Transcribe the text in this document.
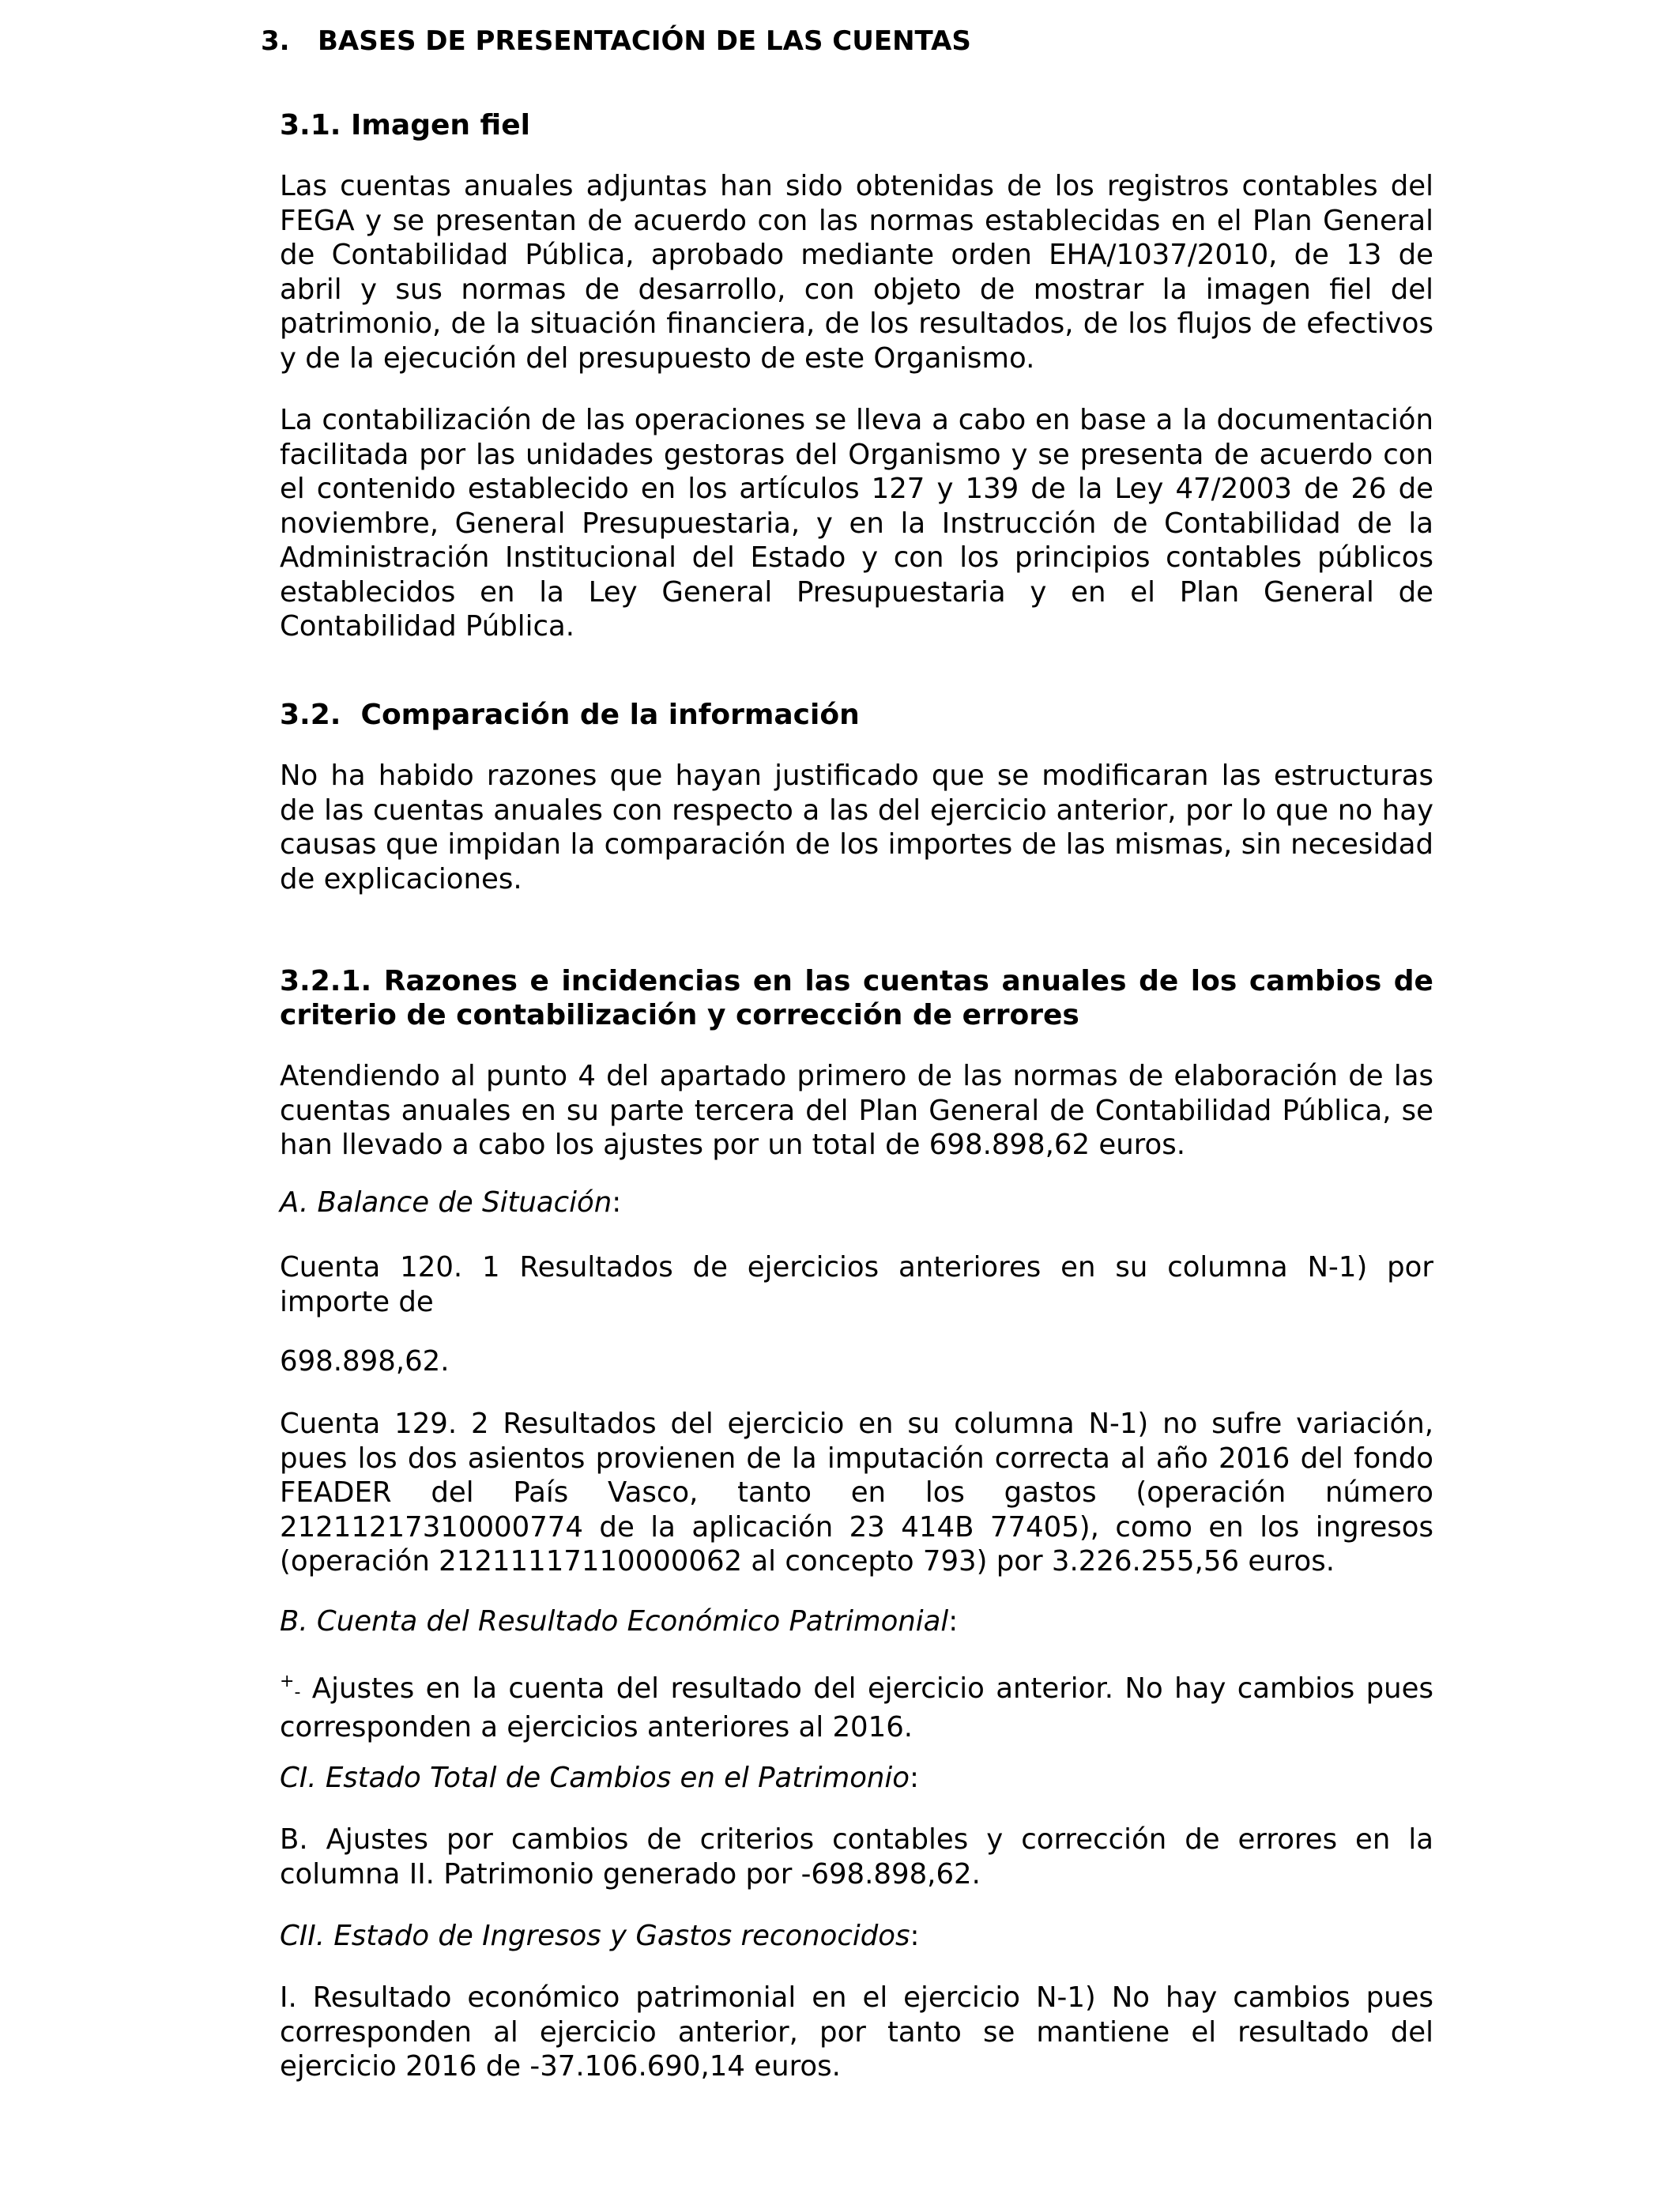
3. BASES DE PRESENTACIÓN DE LAS CUENTAS
3.1. Imagen fiel

Las cuentas anuales adjuntas han sido obtenidas de los registros contables del FEGA y se presentan de acuerdo con las normas establecidas en el Plan General de Contabilidad Pública, aprobado mediante orden EHA/1037/2010, de 13 de abril y sus normas de desarrollo, con objeto de mostrar la imagen fiel del patrimonio, de la situación financiera, de los resultados, de los flujos de efectivos y de la ejecución del presupuesto de este Organismo.

La contabilización de las operaciones se lleva a cabo en base a la documentación facilitada por las unidades gestoras del Organismo y se presenta de acuerdo con el contenido establecido en los artículos 127 y 139 de la Ley 47/2003 de 26 de noviembre, General Presupuestaria, y en la Instrucción de Contabilidad de la Administración Institucional del Estado y con los principios contables públicos establecidos en la Ley General Presupuestaria y en el Plan General de Contabilidad Pública.

3.2. Comparación de la información

No ha habido razones que hayan justificado que se modificaran las estructuras de las cuentas anuales con respecto a las del ejercicio anterior, por lo que no hay causas que impidan la comparación de los importes de las mismas, sin necesidad de explicaciones.

3.2.1. Razones e incidencias en las cuentas anuales de los cambios de criterio de contabilización y corrección de errores

Atendiendo al punto 4 del apartado primero de las normas de elaboración de las cuentas anuales en su parte tercera del Plan General de Contabilidad Pública, se han llevado a cabo los ajustes por un total de 698.898,62 euros.

A. Balance de Situación:

Cuenta 120. 1 Resultados de ejercicios anteriores en su columna N-1) por importe de

698.898,62.

Cuenta 129. 2 Resultados del ejercicio en su columna N-1) no sufre variación, pues los dos asientos provienen de la imputación correcta al año 2016 del fondo FEADER del País Vasco, tanto en los gastos (operación número 21211217310000774 de la aplicación 23 414B 77405), como en los ingresos (operación 21211117110000062 al concepto 793) por 3.226.255,56 euros.

B. Cuenta del Resultado Económico Patrimonial:

+- Ajustes en la cuenta del resultado del ejercicio anterior. No hay cambios pues corresponden a ejercicios anteriores al 2016.

CI. Estado Total de Cambios en el Patrimonio:

B. Ajustes por cambios de criterios contables y corrección de errores en la columna II. Patrimonio generado por -698.898,62.

CII. Estado de Ingresos y Gastos reconocidos:

I. Resultado económico patrimonial en el ejercicio N-1) No hay cambios pues corresponden al ejercicio anterior, por tanto se mantiene el resultado del ejercicio 2016 de -37.106.690,14 euros.
